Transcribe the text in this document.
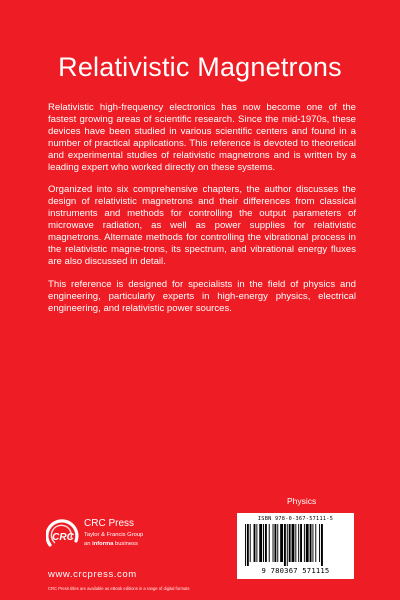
Relativistic Magnetrons

Relativistic high-frequency electronics has now become one of the fastest growing areas of scientific research. Since the mid-1970s, these devices have been studied in various scientific centers and found in a number of practical applications. This reference is devoted to theoretical and experimental studies of relativistic magnetrons and is written by a leading expert who worked directly on these systems.

Organized into six comprehensive chapters, the author discusses the design of relativistic magnetrons and their differences from classical instruments and methods for controlling the output parameters of microwave radiation, as well as power supplies for relativistic magnetrons. Alternate methods for controlling the vibrational process in the relativistic magne-trons, its spectrum, and vibrational energy fluxes are also discussed in detail.

This reference is designed for specialists in the field of physics and engineering, particularly experts in high-energy physics, electrical engineering, and relativistic power sources.

Physics
ISBN 978-0-367-57111-5
9 780367 571115
CRC
CRC Press
Taylor & Francis Group
an informa business
www.crcpress.com
CRC Press titles are available as eBook editions in a range of digital formats
